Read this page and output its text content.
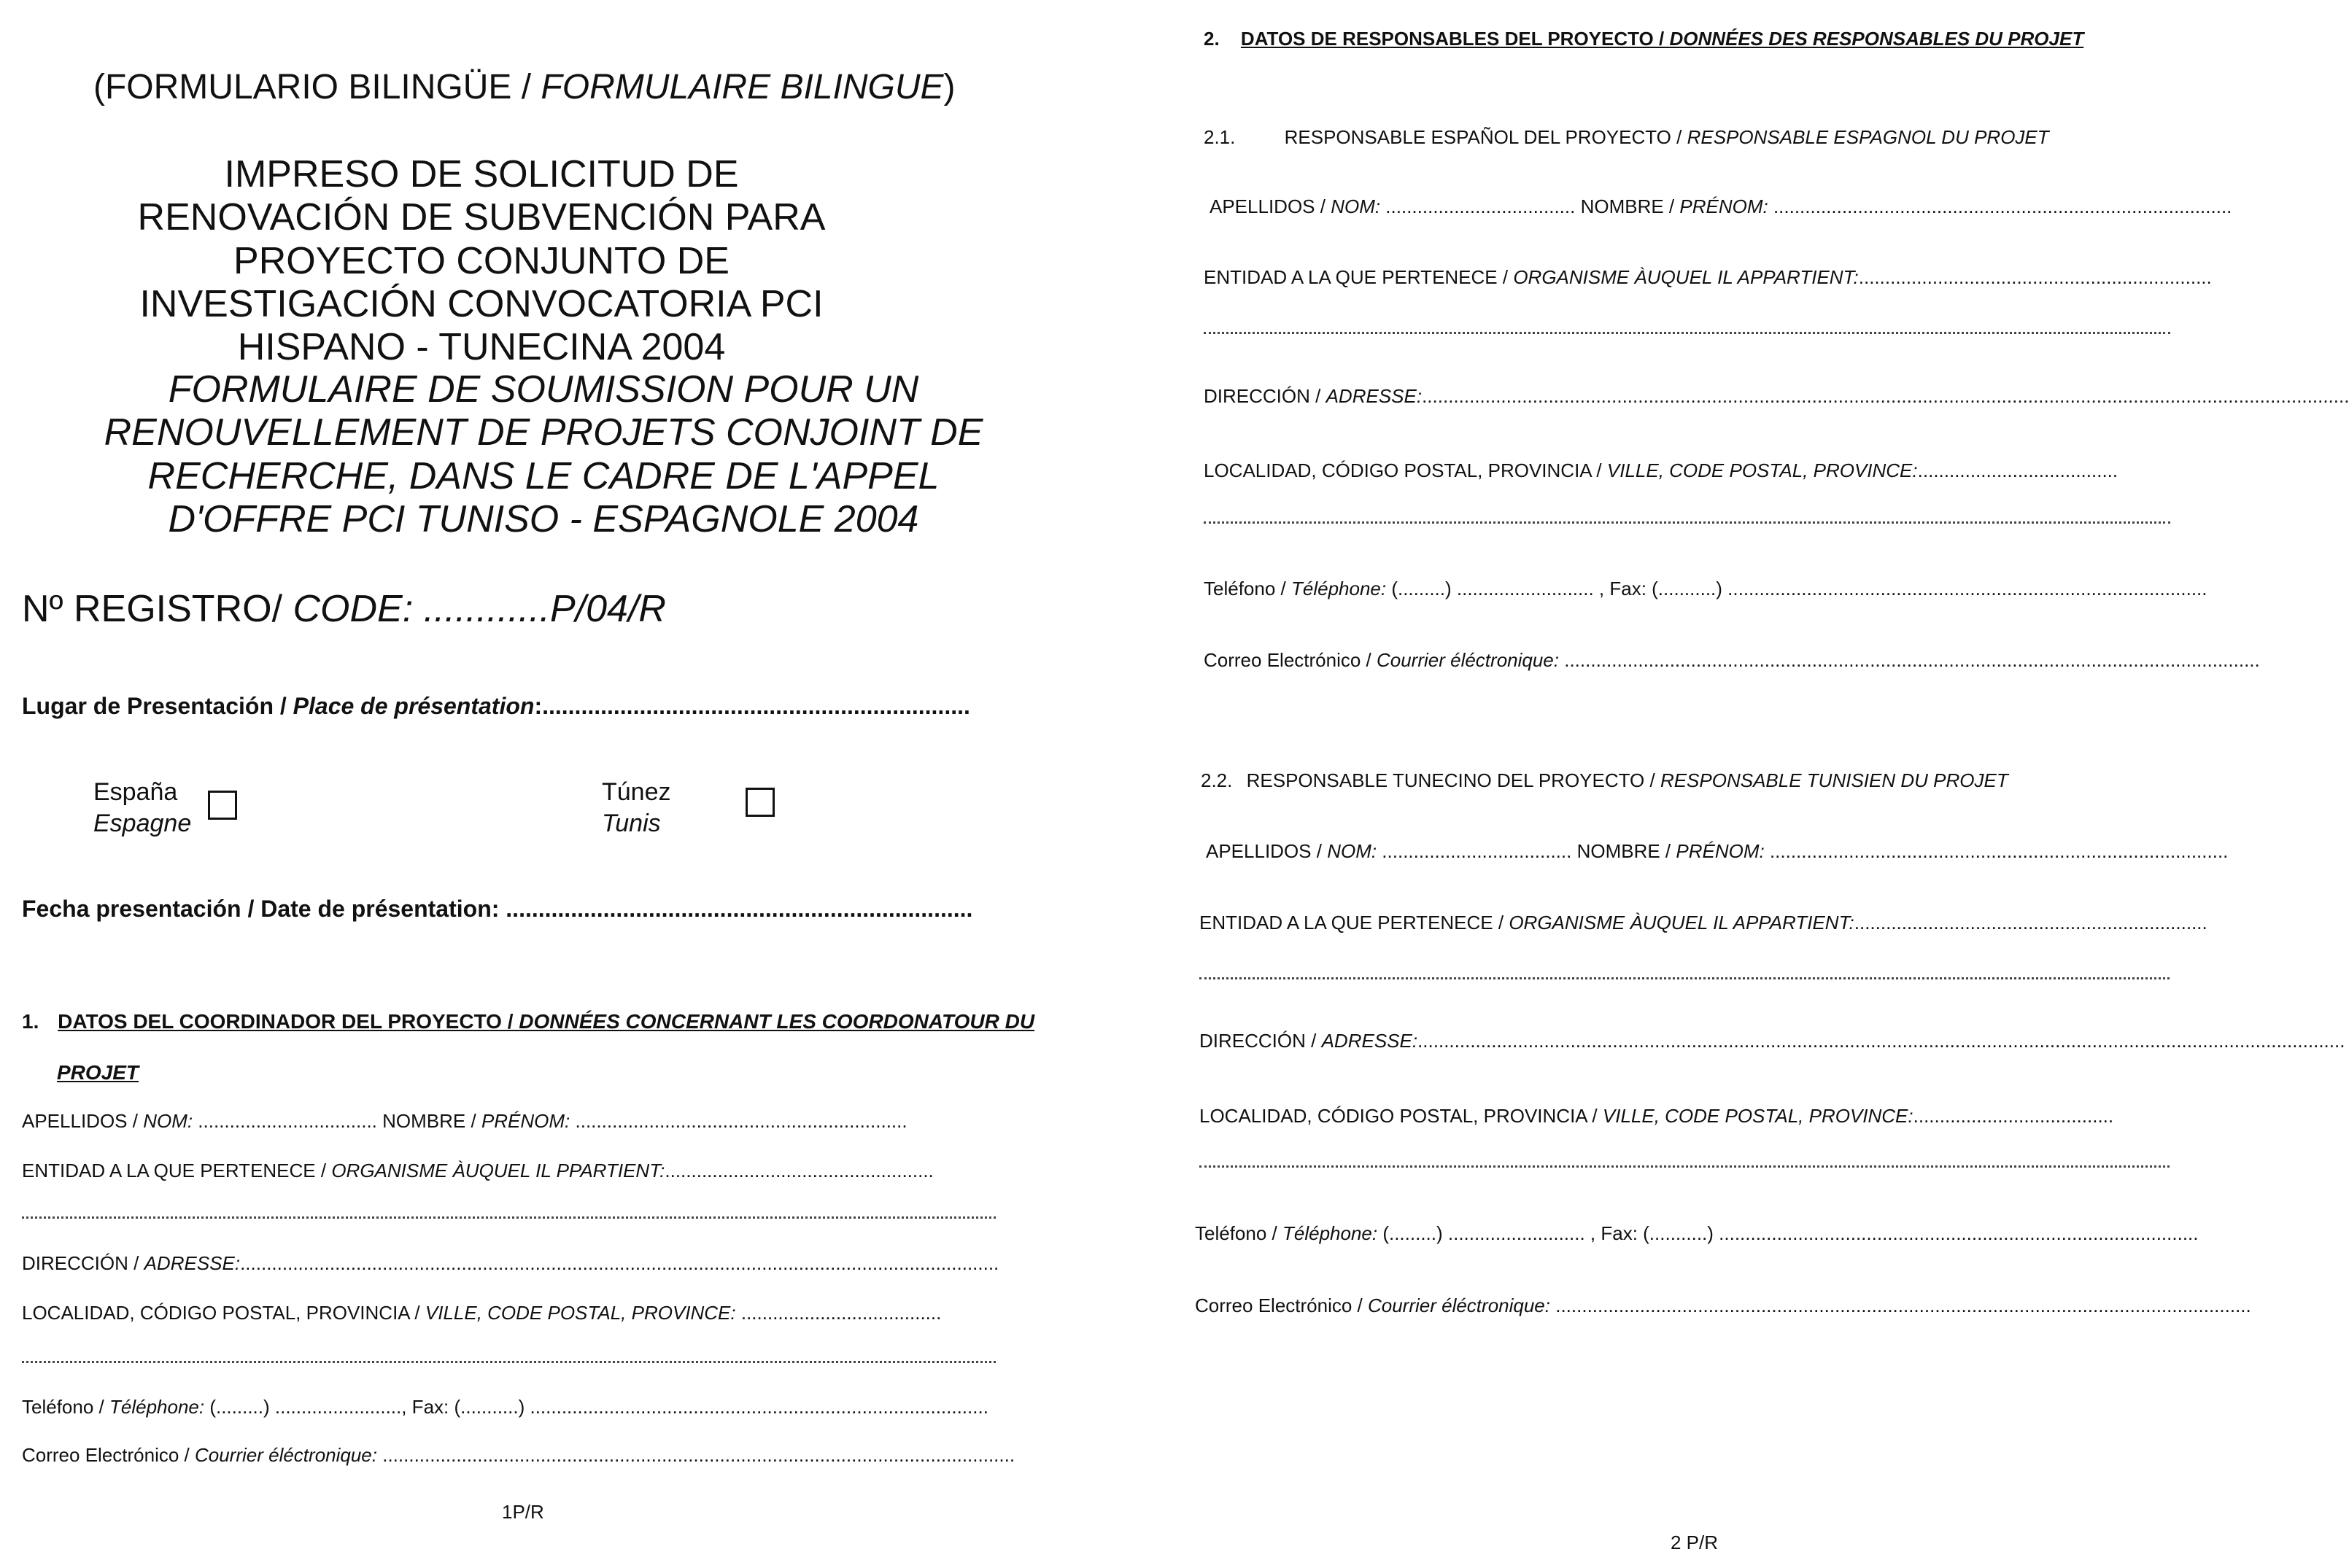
(FORMULARIO BILINGÜE / FORMULAIRE BILINGUE)
IMPRESO DE SOLICITUD DE RENOVACIÓN DE SUBVENCIÓN PARA PROYECTO CONJUNTO DE INVESTIGACIÓN CONVOCATORIA PCI HISPANO - TUNECINA 2004
FORMULAIRE DE SOUMISSION POUR UN RENOUVELLEMENT DE PROJETS CONJOINT DE RECHERCHE, DANS LE CADRE DE L'APPEL D'OFFRE PCI TUNISO - ESPAGNOLE 2004
Nº REGISTRO/ CODE: ............P/04/R
Lugar de Presentación / Place de présentation:..................................................................
España
Espagne
Túnez
Tunis
Fecha presentación / Date de présentation: ........................................................................
1. DATOS DEL COORDINADOR DEL PROYECTO / DONNÉES CONCERNANT LES COORDONATOUR DU
PROJET
APELLIDOS / NOM: .................................. NOMBRE / PRÉNOM: ...............................................................
ENTIDAD A LA QUE PERTENECE / ORGANISME ÀUQUEL IL PPARTIENT:...................................................
DIRECCIÓN / ADRESSE:................................................................................................................................................
LOCALIDAD, CÓDIGO POSTAL, PROVINCIA / VILLE, CODE POSTAL, PROVINCE: ......................................
Teléfono / Téléphone: (.........) ........................, Fax: (...........) .......................................................................................
Correo Electrónico / Courrier éléctronique: ........................................................................................................................
1P/R
2. DATOS DE RESPONSABLES DEL PROYECTO / DONNÉES DES RESPONSABLES DU PROJET
2.1.	RESPONSABLE ESPAÑOL DEL PROYECTO / RESPONSABLE ESPAGNOL DU PROJET
APELLIDOS / NOM: .................................... NOMBRE / PRÉNOM: .......................................................................................
ENTIDAD A LA QUE PERTENECE / ORGANISME ÀUQUEL IL APPARTIENT:...................................................................
DIRECCIÓN / ADRESSE:................................................................................................................................................................................
LOCALIDAD, CÓDIGO POSTAL, PROVINCIA / VILLE, CODE POSTAL, PROVINCE:......................................
Teléfono / Téléphone: (.........) .......................... , Fax: (...........) ...........................................................................................
Correo Electrónico / Courrier éléctronique: ....................................................................................................................................
2.2. RESPONSABLE TUNECINO DEL PROYECTO / RESPONSABLE TUNISIEN DU PROJET
APELLIDOS / NOM: .................................... NOMBRE / PRÉNOM: .......................................................................................
ENTIDAD A LA QUE PERTENECE / ORGANISME ÀUQUEL IL APPARTIENT:...................................................................
DIRECCIÓN / ADRESSE:................................................................................................................................................................................
LOCALIDAD, CÓDIGO POSTAL, PROVINCIA / VILLE, CODE POSTAL, PROVINCE:......................................
Teléfono / Téléphone: (.........) .......................... , Fax: (...........) ...........................................................................................
Correo Electrónico / Courrier éléctronique: ....................................................................................................................................
2 P/R
